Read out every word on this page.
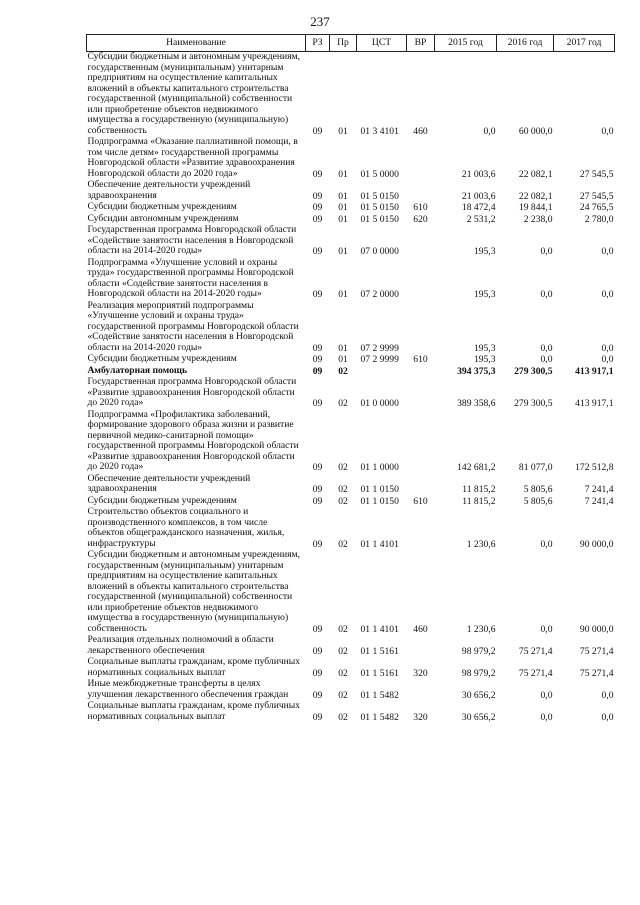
237
Наименование	РЗ	Пр	ЦСТ	ВР	2015 год	2016 год	2017 год
Субсидии бюджетным и автономным учреждениям, государственным (муниципальным) унитарным предприятиям на осуществление капитальных вложений в объекты капитального строительства государственной (муниципальной) собственности или приобретение объектов недвижимого имущества в государственную (муниципальную) собственность	09	01	01 3 4101	460	0,0	60 000,0	0,0
Подпрограмма «Оказание паллиативной помощи, в том числе детям» государственной программы Новгородской области «Развитие здравоохранения Новгородской области до 2020 года»	09	01	01 5 0000		21 003,6	22 082,1	27 545,5
Обеспечение деятельности учреждений здравоохранения	09	01	01 5 0150		21 003,6	22 082,1	27 545,5
Субсидии бюджетным учреждениям	09	01	01 5 0150	610	18 472,4	19 844,1	24 765,5
Субсидии автономным учреждениям	09	01	01 5 0150	620	2 531,2	2 238,0	2 780,0
Государственная программа Новгородской области «Содействие занятости населения в Новгородской области на 2014-2020 годы»	09	01	07 0 0000		195,3	0,0	0,0
Подпрограмма «Улучшение условий и охраны труда» государственной программы Новгородской области «Содействие занятости населения в Новгородской области на 2014-2020 годы»	09	01	07 2 0000		195,3	0,0	0,0
Реализация мероприятий подпрограммы «Улучшение условий и охраны труда» государственной программы Новгородской области «Содействие занятости населения в Новгородской области на 2014-2020 годы»	09	01	07 2 9999		195,3	0,0	0,0
Субсидии бюджетным учреждениям	09	01	07 2 9999	610	195,3	0,0	0,0
Амбулаторная помощь	09	02			394 375,3	279 300,5	413 917,1
Государственная программа Новгородской области «Развитие здравоохранения Новгородской области до 2020 года»	09	02	01 0 0000		389 358,6	279 300,5	413 917,1
Подпрограмма «Профилактика заболеваний, формирование здорового образа жизни и развитие первичной медико-санитарной помощи» государственной программы Новгородской области «Развитие здравоохранения Новгородской области до 2020 года»	09	02	01 1 0000		142 681,2	81 077,0	172 512,8
Обеспечение деятельности учреждений здравоохранения	09	02	01 1 0150		11 815,2	5 805,6	7 241,4
Субсидии бюджетным учреждениям	09	02	01 1 0150	610	11 815,2	5 805,6	7 241,4
Строительство объектов социального и производственного комплексов, в том числе объектов общегражданского назначения, жилья, инфраструктуры	09	02	01 1 4101		1 230,6	0,0	90 000,0
Субсидии бюджетным и автономным учреждениям, государственным (муниципальным) унитарным предприятиям на осуществление капитальных вложений в объекты капитального строительства государственной (муниципальной) собственности или приобретение объектов недвижимого имущества в государственную (муниципальную) собственность	09	02	01 1 4101	460	1 230,6	0,0	90 000,0
Реализация отдельных полномочий в области лекарственного обеспечения	09	02	01 1 5161		98 979,2	75 271,4	75 271,4
Социальные выплаты гражданам, кроме публичных нормативных социальных выплат	09	02	01 1 5161	320	98 979,2	75 271,4	75 271,4
Иные межбюджетные трансферты в целях улучшения лекарственного обеспечения граждан	09	02	01 1 5482		30 656,2	0,0	0,0
Социальные выплаты гражданам, кроме публичных нормативных социальных выплат	09	02	01 1 5482	320	30 656,2	0,0	0,0
